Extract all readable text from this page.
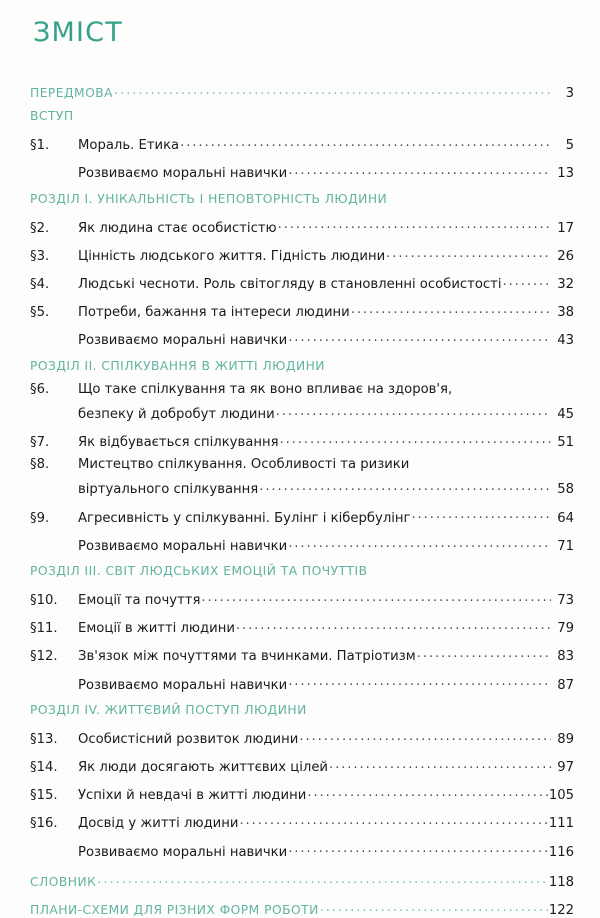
ЗМІСТ
ПЕРЕДМОВА .....	3
ВСТУП
§1.	Мораль. Етика .....	5
Розвиваємо моральні навички .....	13
РОЗДІЛ І. УНІКАЛЬНІСТЬ І НЕПОВТОРНІСТЬ ЛЮДИНИ
§2.	Як людина стає особистістю .....	17
§3.	Цінність людського життя. Гідність людини .....	26
§4.	Людські чесноти. Роль світогляду в становленні особистості .....	32
§5.	Потреби, бажання та інтереси людини .....	38
Розвиваємо моральні навички .....	43
РОЗДІЛ ІІ. СПІЛКУВАННЯ В ЖИТТІ ЛЮДИНИ
§6.	Що таке спілкування та як воно впливає на здоров'я,
безпеку й добробут людини .....	45
§7.	Як відбувається спілкування .....	51
§8.	Мистецтво спілкування. Особливості та ризики
віртуального спілкування .....	58
§9.	Агресивність у спілкуванні. Булінг і кібербулінг .....	64
Розвиваємо моральні навички .....	71
РОЗДІЛ ІІІ. СВІТ ЛЮДСЬКИХ ЕМОЦІЙ ТА ПОЧУТТІВ
§10.	Емоції та почуття .....	73
§11.	Емоції в житті людини .....	79
§12.	Зв'язок між почуттями та вчинками. Патріотизм .....	83
Розвиваємо моральні навички .....	87
РОЗДІЛ IV. ЖИТТЄВИЙ ПОСТУП ЛЮДИНИ
§13.	Особистісний розвиток людини .....	89
§14.	Як люди досягають життєвих цілей .....	97
§15.	Успіхи й невдачі в житті людини .....	105
§16.	Досвід у житті людини .....	111
Розвиваємо моральні навички .....	116
СЛОВНИК .....	118
ПЛАНИ-СХЕМИ ДЛЯ РІЗНИХ ФОРМ РОБОТИ .....	122
